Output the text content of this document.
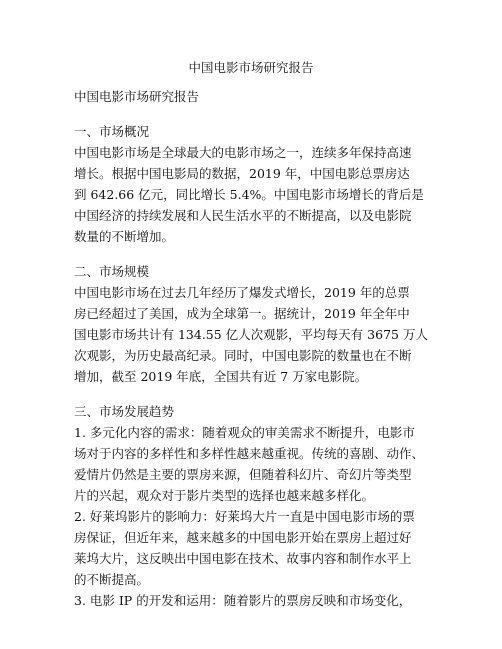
中国电影市场研究报告
中国电影市场研究报告
一、市场概况
中国电影市场是全球最大的电影市场之一，连续多年保持高速
增长。根据中国电影局的数据，2019 年，中国电影总票房达
到 642.66 亿元，同比增长 5.4%。中国电影市场增长的背后是
中国经济的持续发展和人民生活水平的不断提高，以及电影院
数量的不断增加。
二、市场规模
中国电影市场在过去几年经历了爆发式增长，2019 年的总票
房已经超过了美国，成为全球第一。据统计，2019 年全年中
国电影市场共计有 134.55 亿人次观影，平均每天有 3675 万人
次观影，为历史最高纪录。同时，中国电影院的数量也在不断
增加，截至 2019 年底，全国共有近 7 万家电影院。
三、市场发展趋势
1. 多元化内容的需求：随着观众的审美需求不断提升，电影市
场对于内容的多样性和多样性越来越重视。传统的喜剧、动作、
爱情片仍然是主要的票房来源，但随着科幻片、奇幻片等类型
片的兴起，观众对于影片类型的选择也越来越多样化。
2. 好莱坞影片的影响力：好莱坞大片一直是中国电影市场的票
房保证，但近年来，越来越多的中国电影开始在票房上超过好
莱坞大片，这反映出中国电影在技术、故事内容和制作水平上
的不断提高。
3. 电影 IP 的开发和运用：随着影片的票房反映和市场变化，
